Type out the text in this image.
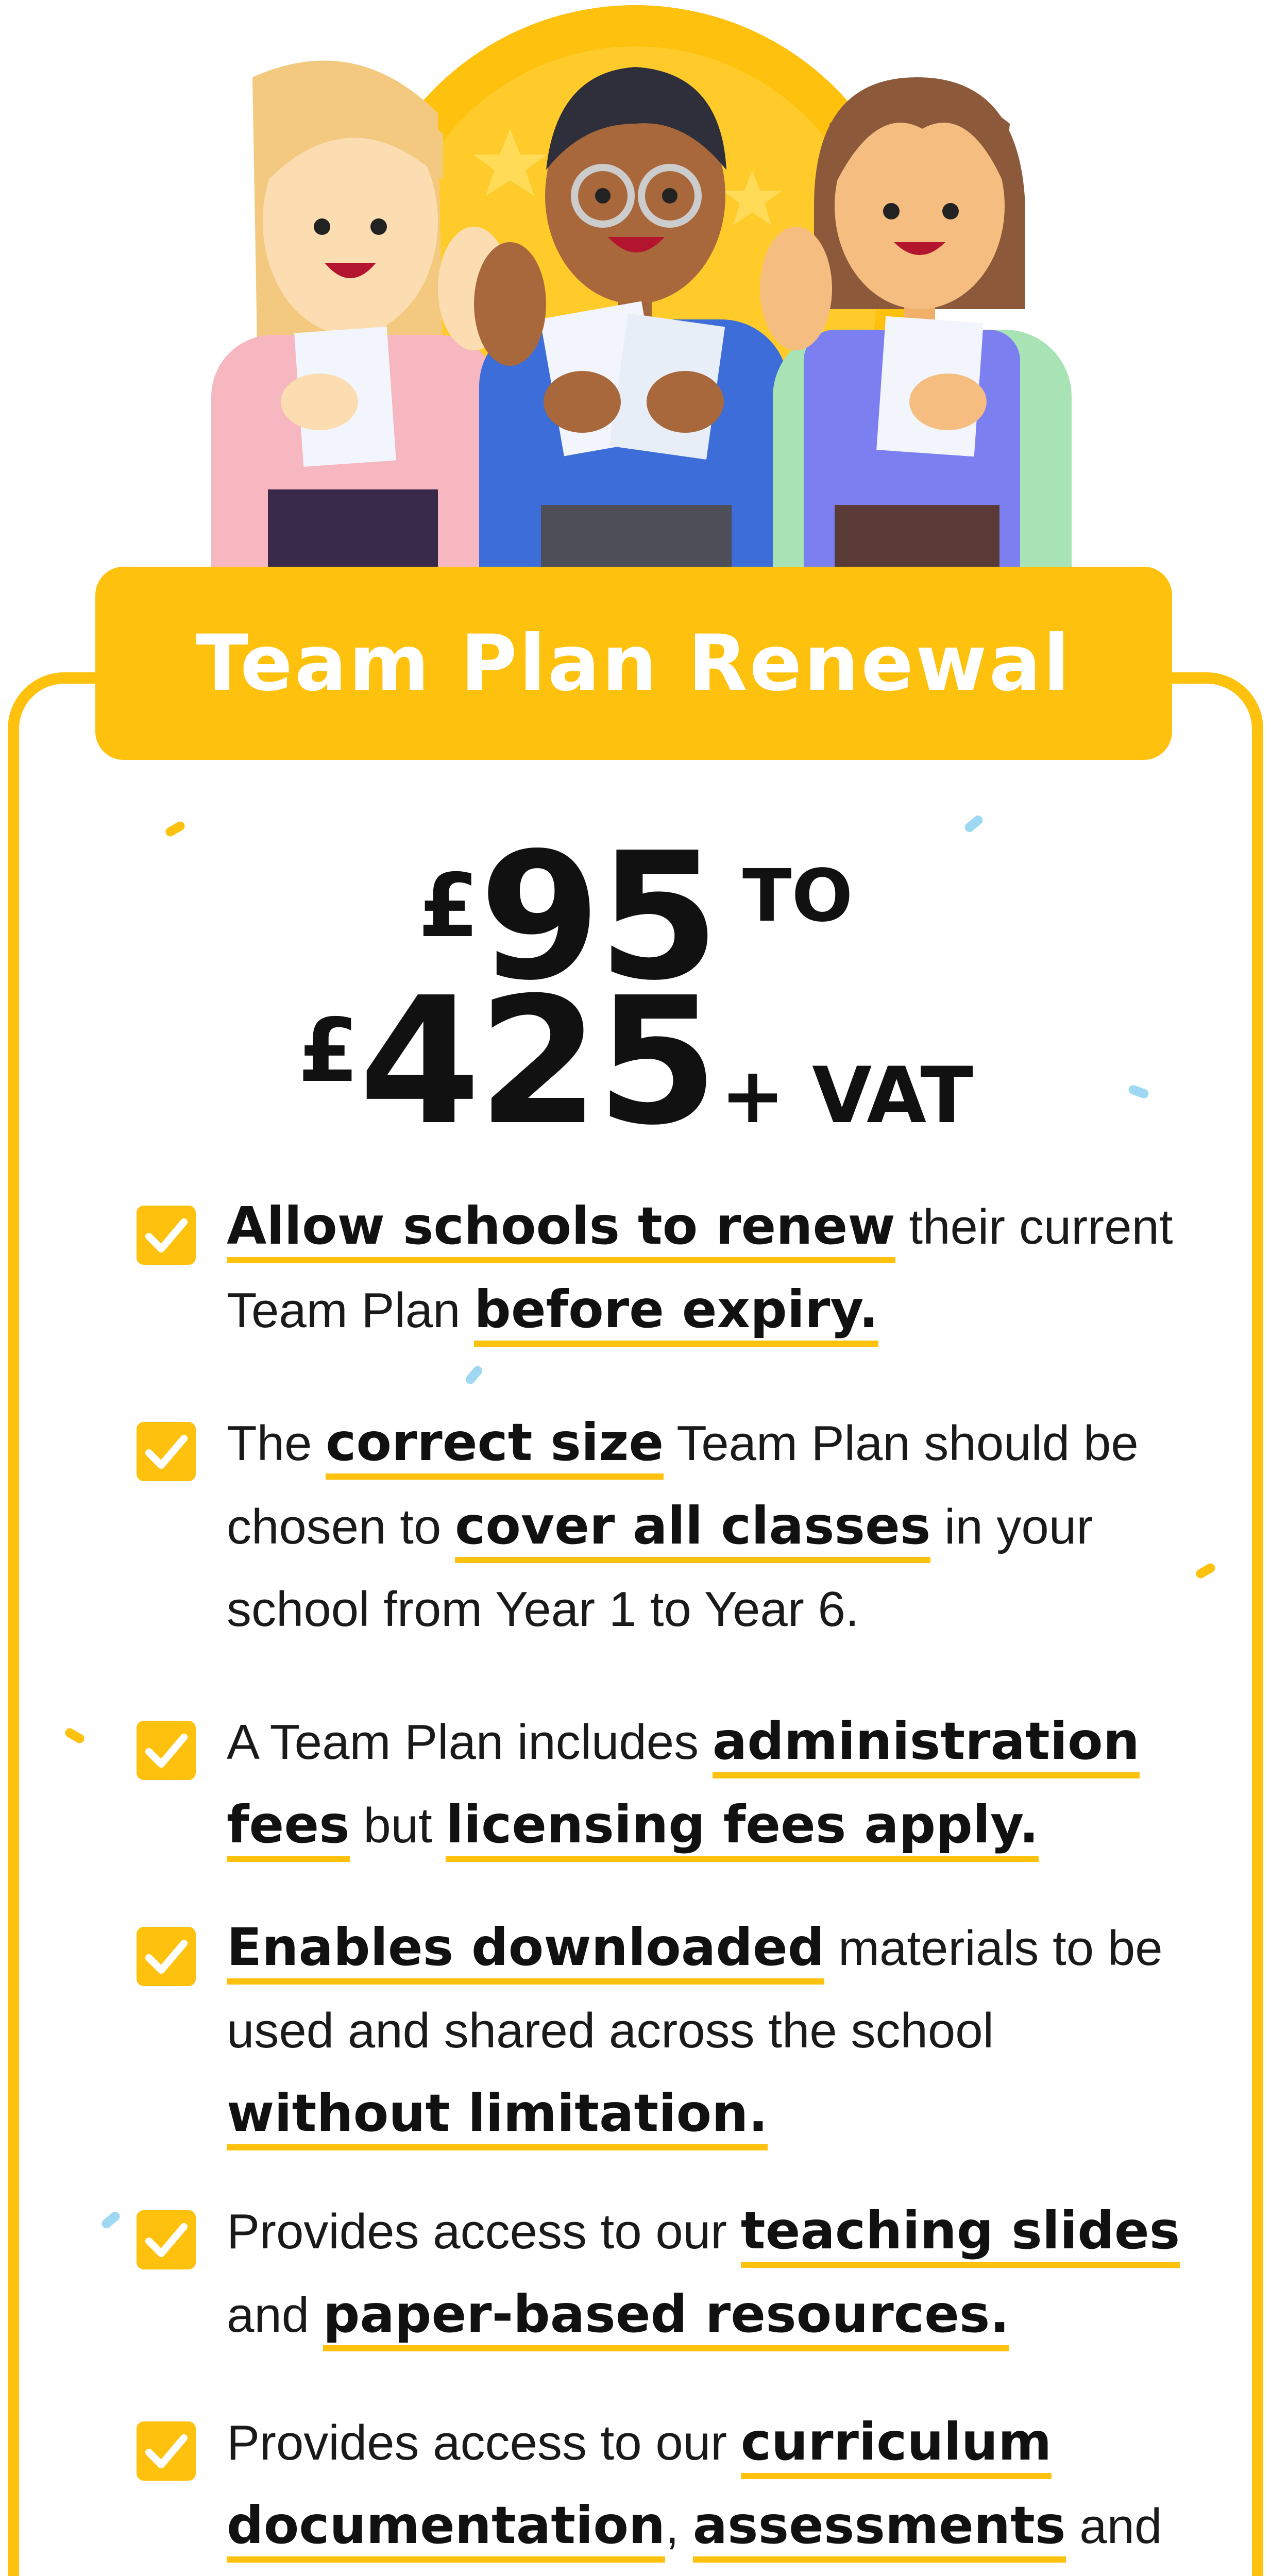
Team Plan Renewal
£95 TO
£425+ VAT
Allow schools to renew their current Team Plan before expiry.
The correct size Team Plan should be chosen to cover all classes in your school from Year 1 to Year 6.
A Team Plan includes administration fees but licensing fees apply.
Enables downloaded materials to be used and shared across the school without limitation.
Provides access to our teaching slides and paper-based resources.
Provides access to our curriculum documentation, assessments and
